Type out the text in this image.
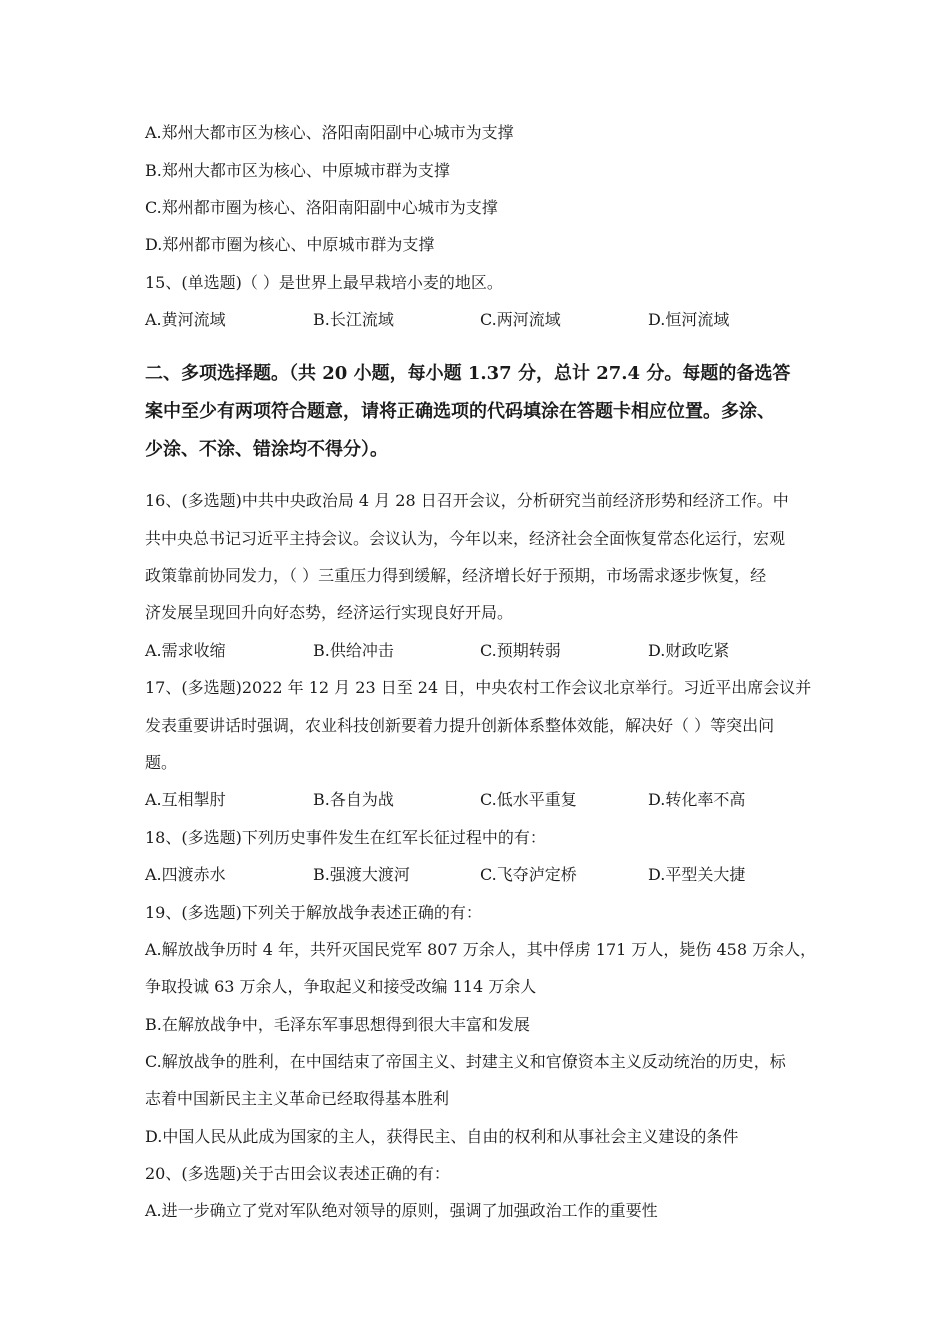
A.郑州大都市区为核心、洛阳南阳副中心城市为支撑
B.郑州大都市区为核心、中原城市群为支撑
C.郑州都市圈为核心、洛阳南阳副中心城市为支撑
D.郑州都市圈为核心、中原城市群为支撑
15、(单选题)（ ）是世界上最早栽培小麦的地区。
A.黄河流域	B.长江流域	C.两河流域	D.恒河流域
二、多项选择题。（共 20 小题，每小题 1.37 分，总计 27.4 分。每题的备选答
案中至少有两项符合题意，请将正确选项的代码填涂在答题卡相应位置。多涂、
少涂、不涂、错涂均不得分）。
16、(多选题)中共中央政治局 4 月 28 日召开会议，分析研究当前经济形势和经济工作。中
共中央总书记习近平主持会议。会议认为，今年以来，经济社会全面恢复常态化运行，宏观
政策靠前协同发力，（ ）三重压力得到缓解，经济增长好于预期，市场需求逐步恢复，经
济发展呈现回升向好态势，经济运行实现良好开局。
A.需求收缩	B.供给冲击	C.预期转弱	D.财政吃紧
17、(多选题)2022 年 12 月 23 日至 24 日，中央农村工作会议北京举行。习近平出席会议并
发表重要讲话时强调，农业科技创新要着力提升创新体系整体效能，解决好（ ）等突出问
题。
A.互相掣肘	B.各自为战	C.低水平重复	D.转化率不高
18、(多选题)下列历史事件发生在红军长征过程中的有：
A.四渡赤水	B.强渡大渡河	C.飞夺泸定桥	D.平型关大捷
19、(多选题)下列关于解放战争表述正确的有：
A.解放战争历时 4 年，共歼灭国民党军 807 万余人，其中俘虏 171 万人，毙伤 458 万余人，
争取投诚 63 万余人，争取起义和接受改编 114 万余人
B.在解放战争中，毛泽东军事思想得到很大丰富和发展
C.解放战争的胜利，在中国结束了帝国主义、封建主义和官僚资本主义反动统治的历史，标
志着中国新民主主义革命已经取得基本胜利
D.中国人民从此成为国家的主人，获得民主、自由的权利和从事社会主义建设的条件
20、(多选题)关于古田会议表述正确的有：
A.进一步确立了党对军队绝对领导的原则，强调了加强政治工作的重要性
